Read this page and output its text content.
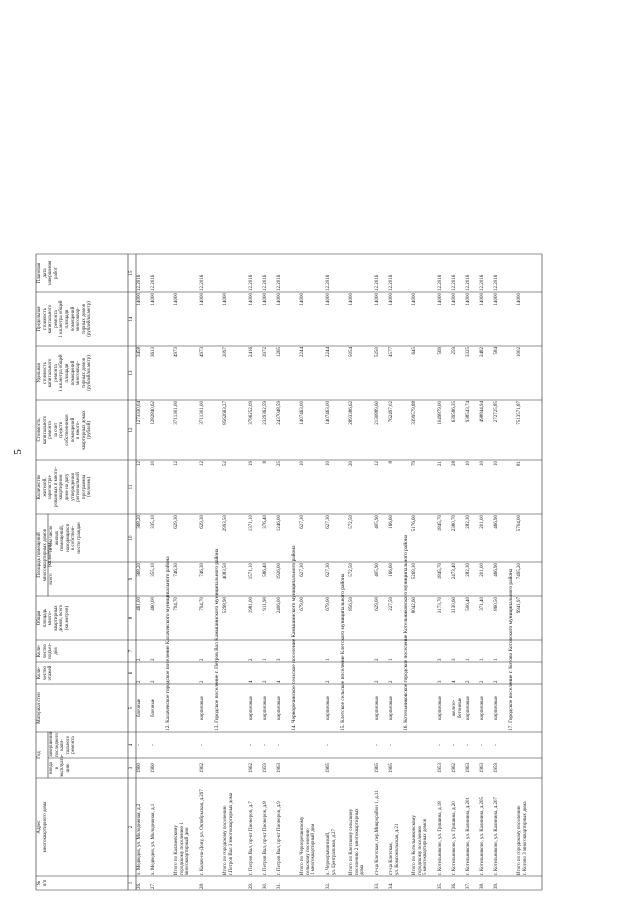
5
№
п/п
Адрес
многоквартирного дома
Материал стен
Коли-
чество
этажей
Коли-
чество
подъез-
дов
Общая
площадь
много-
квартирных
домов, всего
(кв.метров)
Количество
жителей,
зарегистри-
рованных в много-
квартирном
доме на дату
утверждения
региональной
программы
(человек)
Стоимость
капитального
ремонта
за счет
средств
собственников
помещений
в много-
квартирных домах
(рублей)
Удельная
стоимость
капитального
ремонта
1 кв.метра общей
площади
помещений
многоквар-
тирных домов
(рублей/кв.метр)
Предельная
стоимость
капитального
ремонта
1 кв.метра общей
площади
помещений
многоквар-
тирных домов
(рублей/кв.метр)
Плановая
дата
завершения
работ
Год
ввода
в
эксплуата-
цию
завершения
последнего
капи-
тального
ремонта
Площадь помещений
многоквартирных домов
(кв.метров)
всего
в том числе
жилых
помещений,
находящихся
в собствен-
ности граждан
1
2
3
4
5
6
7
8
9
10
11
12
13
14
15
26.
х. Медведев, ул. Молодежная, д.2
1960
-
блочные
2
2
461,00
368,20
368,20
12
1273330,04
3458
14000
12.2016
27.
х. Медведев, ул. Молодежная, д.1
1960
-
блочные
2
2
460,00
355,10
335,10
10
1282840,62
3613
14000
12.2016
12. Калачевское городское поселение Калачевского муниципального района
Итого по Калачевскому
городскому поселению 1
многоквартирный дом
794,70
746,30
629,30
12
3711301,00
4973
14000
28.
г. Калач-на-Дону, ул. Октябрьская, д.297
1962
-
кирпичные
2
2
794,70
746,30
629,30
12
3711301,00
4973
14000
12.2016
13. Городское поселение г. Петров Вал Камышинского муниципального района
Итого по городскому поселению
г.Петров Вал 3 многоквартирных дома
5298,90
4083,50
2993,50
52
8562663,27
2097
14000
29.
г. Петров Вал, пр-кт Пионеров, д.7
1962
-
кирпичные
4
2
1981,00
1571,10
1371,10
19
3796252,09
2416
14000
12.2016
30.
г. Петров Вал, пр-кт Пионеров, д.8
1959
-
кирпичные
2
1
911,90
586,40
376,40
8
2329362,59
3972
14000
12.2016
31.
г. Петров Вал, пр-кт Пионеров, д.9
1963
-
кирпичные
4
3
2406,00
1926,00
1246,00
25
2437048,59
1265
14000
12.2016
14. Черноречинское сельское поселение Камышинского муниципального района
Итого по Черноречинскому
сельскому поселению
1 многоквартирный дом
679,00
627,30
627,30
10
1407463,00
2244
14000
32.
х. Чернорычинский,
ул. Центральная, д.27
1965
-
кирпичные
2
1
679,00
627,30
627,30
10
1407463,00
2244
14000
12.2016
15. Клетское сельское поселение Клетского муниципального района
Итого по Клетскому сельскому
поселению 2 многоквартирных
дома
856,50
572,50
572,50
20
2893386,62
5054
14000
33.
ст-ца Клетская, пер.Микрорайон 1, д.11
1965
-
кирпичные
2
2
629,00
405,90
405,90
12
2130889,60
5250
14000
12.2016
34.
ст-ца Клетская,
ул. Комсомольская, д.21
1965
-
кирпичные
2
1
227,50
166,60
166,60
8
762497,02
4577
14000
12.2016
16. Котельниковское городское поселение Котельниковского муниципального района
Итого по Котельниковскому
городскому поселению
5 многоквартирных домов
8042,60
5269,30
5176,60
79
3399579,88
645
14000
35.
г. Котельниково, ул. Гришина, д.18
1953
-
кирпичные
3
3
3173,70
1845,70
1845,70
21
1049879,00
569
14000
12.2016
36.
г. Котельниково, ул. Гришина, д.20
1962
-
железо-
бетонные
4
3
3130,60
2473,40
2380,70
28
639586,35
259
14000
12.2016
37.
г. Котельниково, ул. Калинина, д.201
1963
-
кирпичные
2
1
506,40
282,30
282,30
10
938543,74
3325
14000
12.2016
38.
г. Котельниково, ул. Калинина, д.205
1963
-
кирпичные
2
1
371,40
201,00
201,00
10
498844,94
2482
14000
12.2016
39.
г. Котельниково, ул. Калинина, д.207
1959
-
кирпичные
2
1
860,50
466,90
466,90
10
272725,85
584
14000
12.2016
17. Городское поселение г. Котово Котовского муниципального района
Итого по городскому поселению
г. Котово 3 многоквартирных дома
9941,97
7495,20
5704,00
81
7513571,87
1002
14000
